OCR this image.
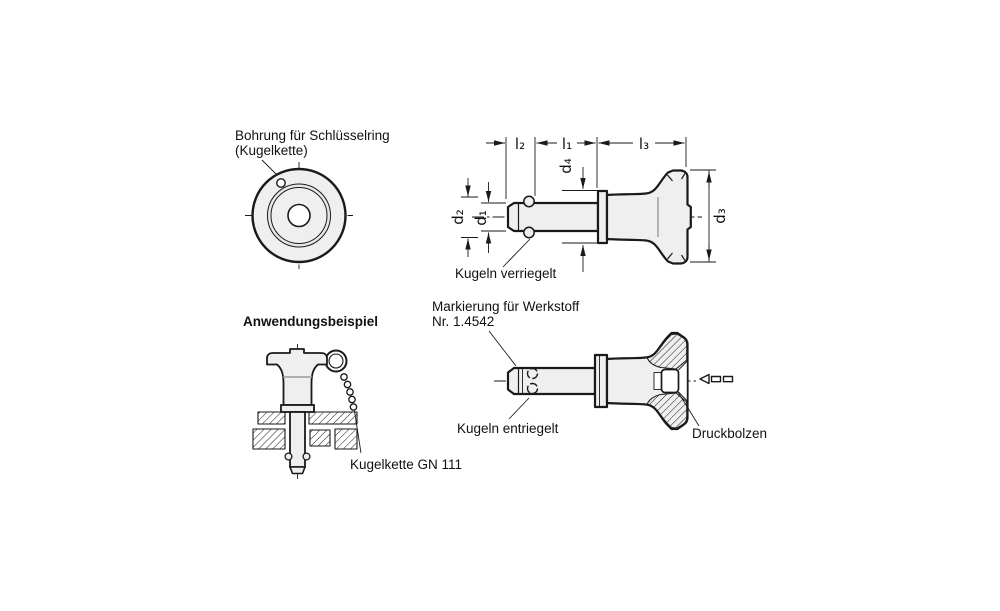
Bohrung für Schlüsselring
(Kugelkette)	l₂ l₁	l₃
d₄
d₂ d₁	d₃
Kugeln verriegelt
Markierung für Werkstoff
Nr. 1.4542
Kugeln entriegelt	Druckbolzen
Anwendungsbeispiel
Kugelkette GN 111
